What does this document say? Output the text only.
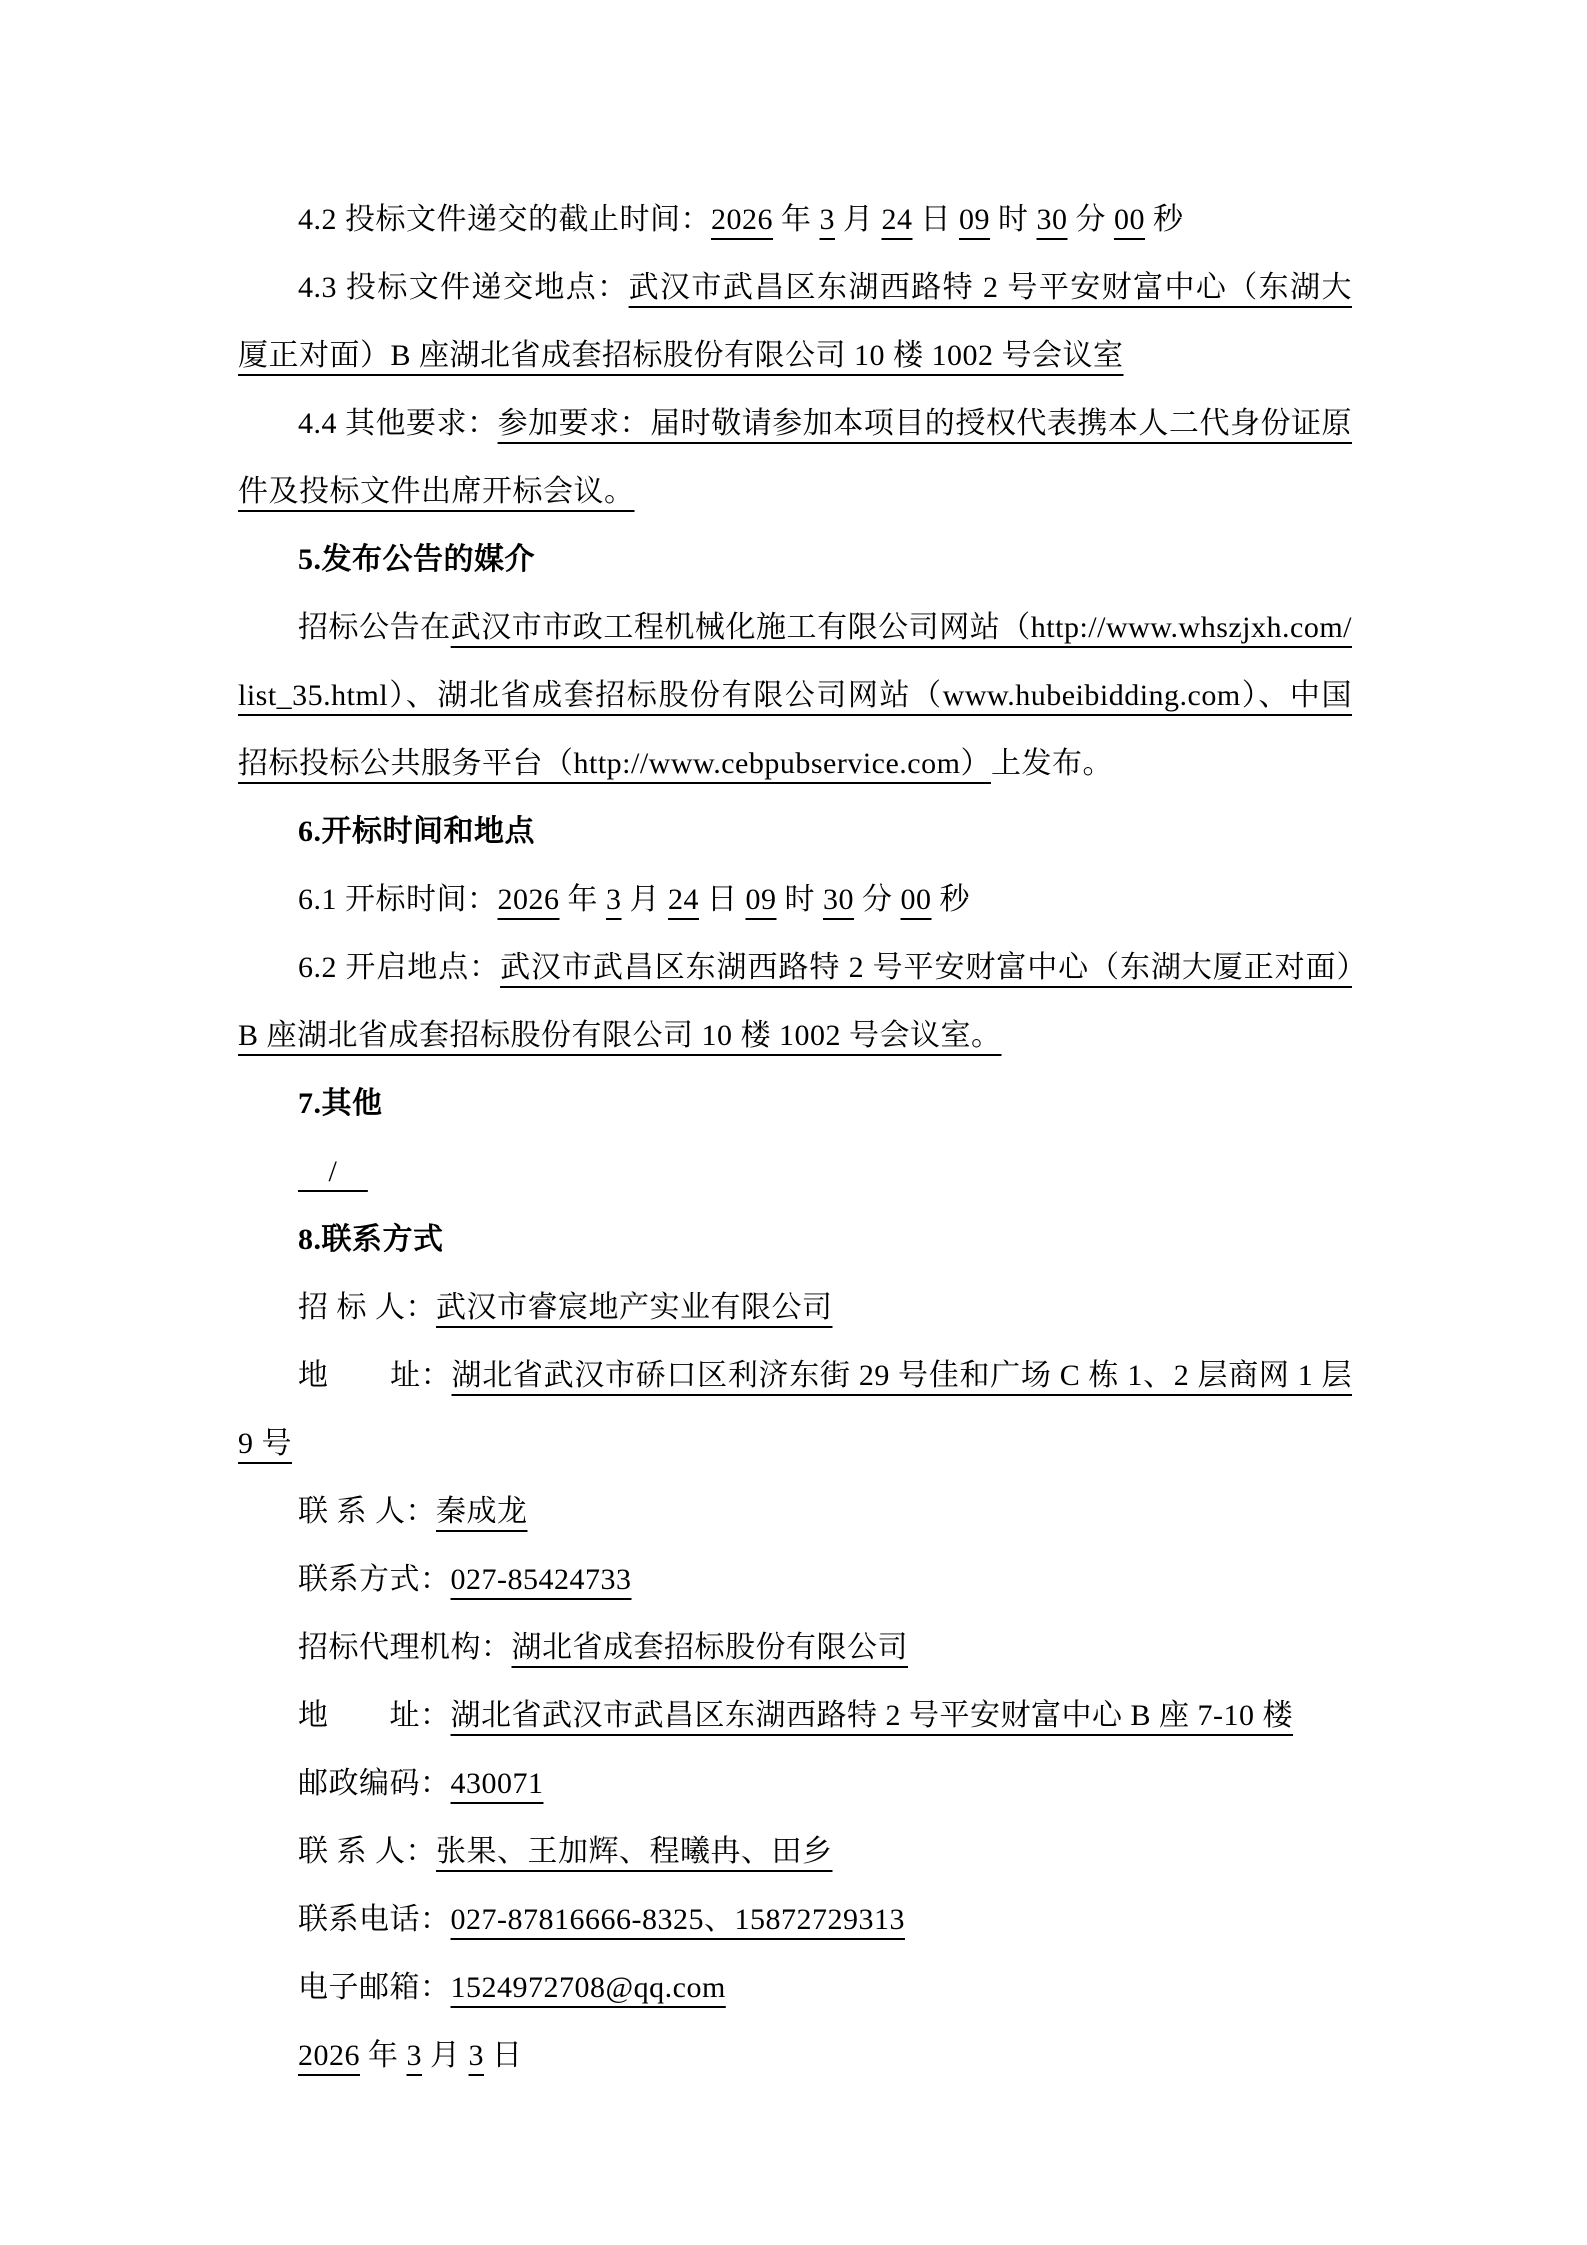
4.2 投标文件递交的截止时间：2026 年 3 月 24 日 09 时 30 分 00 秒

4.3 投标文件递交地点：武汉市武昌区东湖西路特 2 号平安财富中心（东湖大厦正对面）B 座湖北省成套招标股份有限公司 10 楼 1002 号会议室

4.4 其他要求：参加要求：届时敬请参加本项目的授权代表携本人二代身份证原件及投标文件出席开标会议。

5.发布公告的媒介

招标公告在武汉市市政工程机械化施工有限公司网站（http://www.whszjxh.com/list_35.html）、湖北省成套招标股份有限公司网站（www.hubeibidding.com）、中国招标投标公共服务平台（http://www.cebpubservice.com）上发布。

6.开标时间和地点

6.1 开标时间：2026 年 3 月 24 日 09 时 30 分 00 秒

6.2 开启地点：武汉市武昌区东湖西路特 2 号平安财富中心（东湖大厦正对面）B 座湖北省成套招标股份有限公司 10 楼 1002 号会议室。

7.其他

　/　

8.联系方式

招 标 人：武汉市睿宸地产实业有限公司

地　　址：湖北省武汉市硚口区利济东街 29 号佳和广场 C 栋 1、2 层商网 1 层 9 号

联 系 人：秦成龙

联系方式：027-85424733

招标代理机构：湖北省成套招标股份有限公司

地　　址：湖北省武汉市武昌区东湖西路特 2 号平安财富中心 B 座 7-10 楼

邮政编码：430071

联 系 人：张果、王加辉、程曦冉、田乡

联系电话：027-87816666-8325、15872729313

电子邮箱：1524972708@qq.com

2026 年 3 月 3 日
